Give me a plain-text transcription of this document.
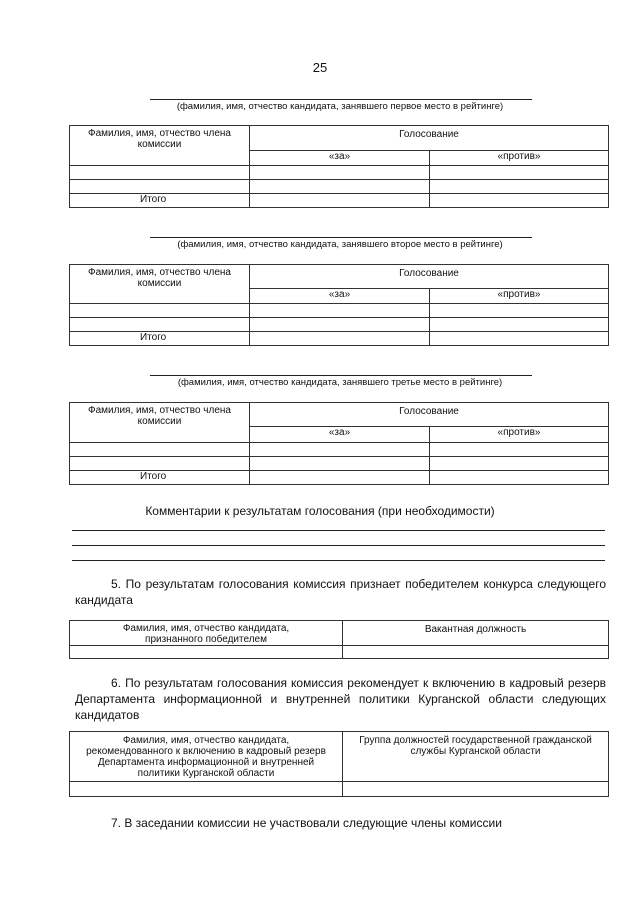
25
(фамилия, имя, отчество кандидата, занявшего первое место в рейтинге)
Фамилия, имя, отчество члена комиссии	Голосование	
	«за»	«против»

Итого		
(фамилия, имя, отчество кандидата, занявшего второе место в рейтинге)
Фамилия, имя, отчество члена комиссии	Голосование	
	«за»	«против»

Итого		
(фамилия, имя, отчество кандидата, занявшего третье место в рейтинге)
Фамилия, имя, отчество члена комиссии	Голосование	
	«за»	«против»

Итого		
Комментарии к результатам голосования (при необходимости)
5. По результатам голосования комиссия признает победителем конкурса следующего кандидата
Фамилия, имя, отчество кандидата, признанного победителем	Вакантная должность

6. По результатам голосования комиссия рекомендует к включению в кадровый резерв Департамента информационной и внутренней политики Курганской области следующих кандидатов
Фамилия, имя, отчество кандидата, рекомендованного к включению в кадровый резерв Департамента информационной и внутренней политики Курганской области	Группа должностей государственной гражданской службы Курганской области

7. В заседании комиссии не участвовали следующие члены комиссии
